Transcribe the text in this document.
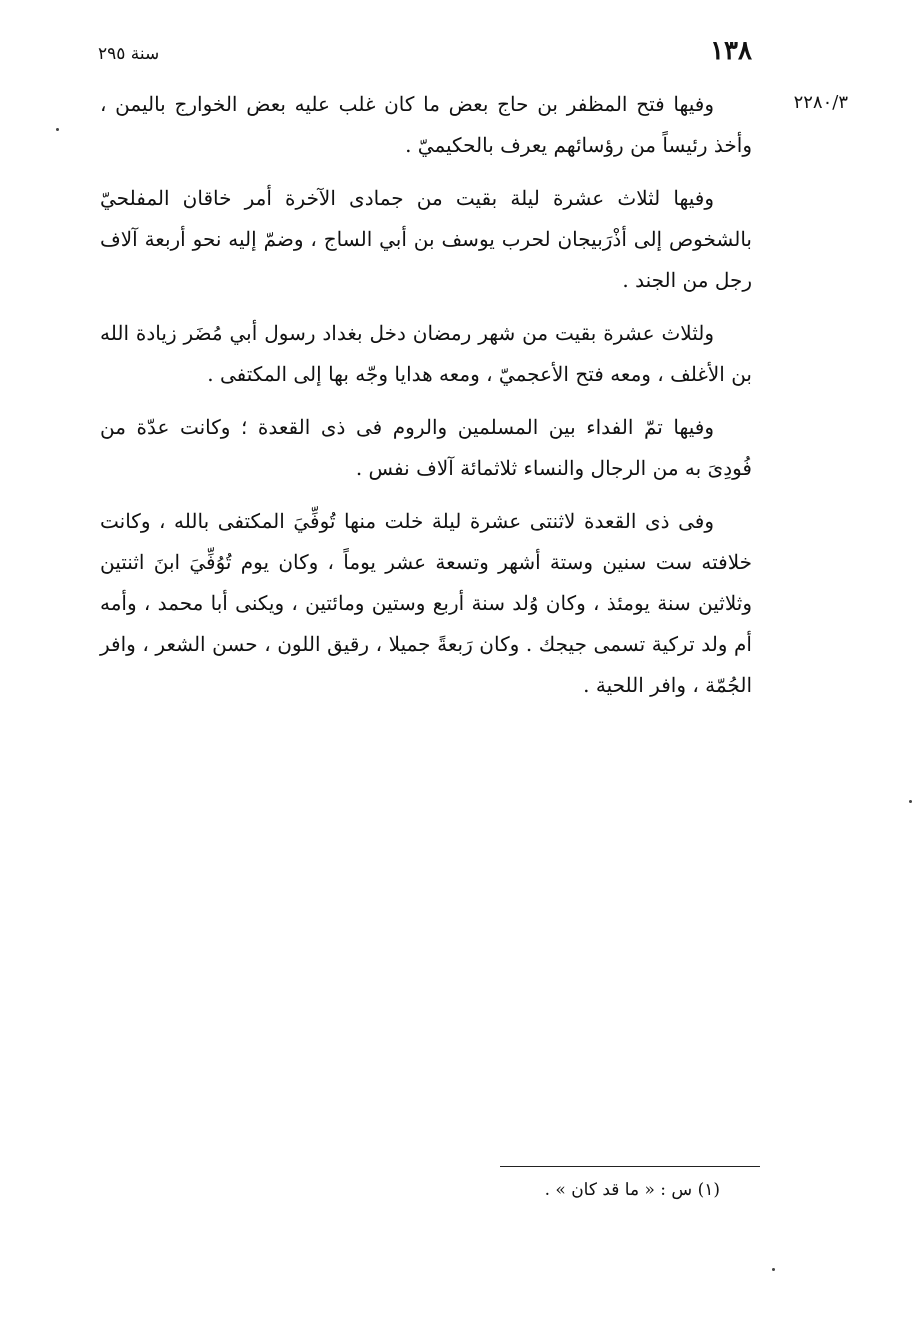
١٣٨
سنة ٢٩٥
٢٢٨٠/٣

وفيها فتح المظفر بن حاج بعض ما كان غلب عليه بعض الخوارج باليمن ، وأخذ رئيساً من رؤسائهم يعرف بالحكيميّ .

وفيها لثلاث عشرة ليلة بقيت من جمادى الآخرة أمر خاقان المفلحيّ بالشخوص إلى أذْرَبيجان لحرب يوسف بن أبي الساج ، وضمّ إليه نحو أربعة آلاف رجل من الجند .

ولثلاث عشرة بقيت من شهر رمضان دخل بغداد رسول أبي مُضَر زيادة الله بن الأغلف ، ومعه فتح الأعجميّ ، ومعه هدايا وجّه بها إلى المكتفى .

وفيها تمّ الفداء بين المسلمين والروم فى ذى القعدة ؛ وكانت عدّة من فُودِىَ به من الرجال والنساء ثلاثمائة آلاف نفس .

وفى ذى القعدة لاثنتى عشرة ليلة خلت منها تُوفِّيَ المكتفى بالله ، وكانت خلافته ست سنين وستة أشهر وتسعة عشر يوماً ، وكان يوم تُوُفِّيَ ابنَ اثنتين وثلاثين سنة يومئذ ، وكان وُلد سنة أربع وستين ومائتين ، ويكنى أبا محمد ، وأمه أم ولد تركية تسمى جيجك . وكان رَبعةً جميلا ، رقيق اللون ، حسن الشعر ، وافر الجُمّة ، وافر اللحية .

(١) س : « ما قد كان » .
